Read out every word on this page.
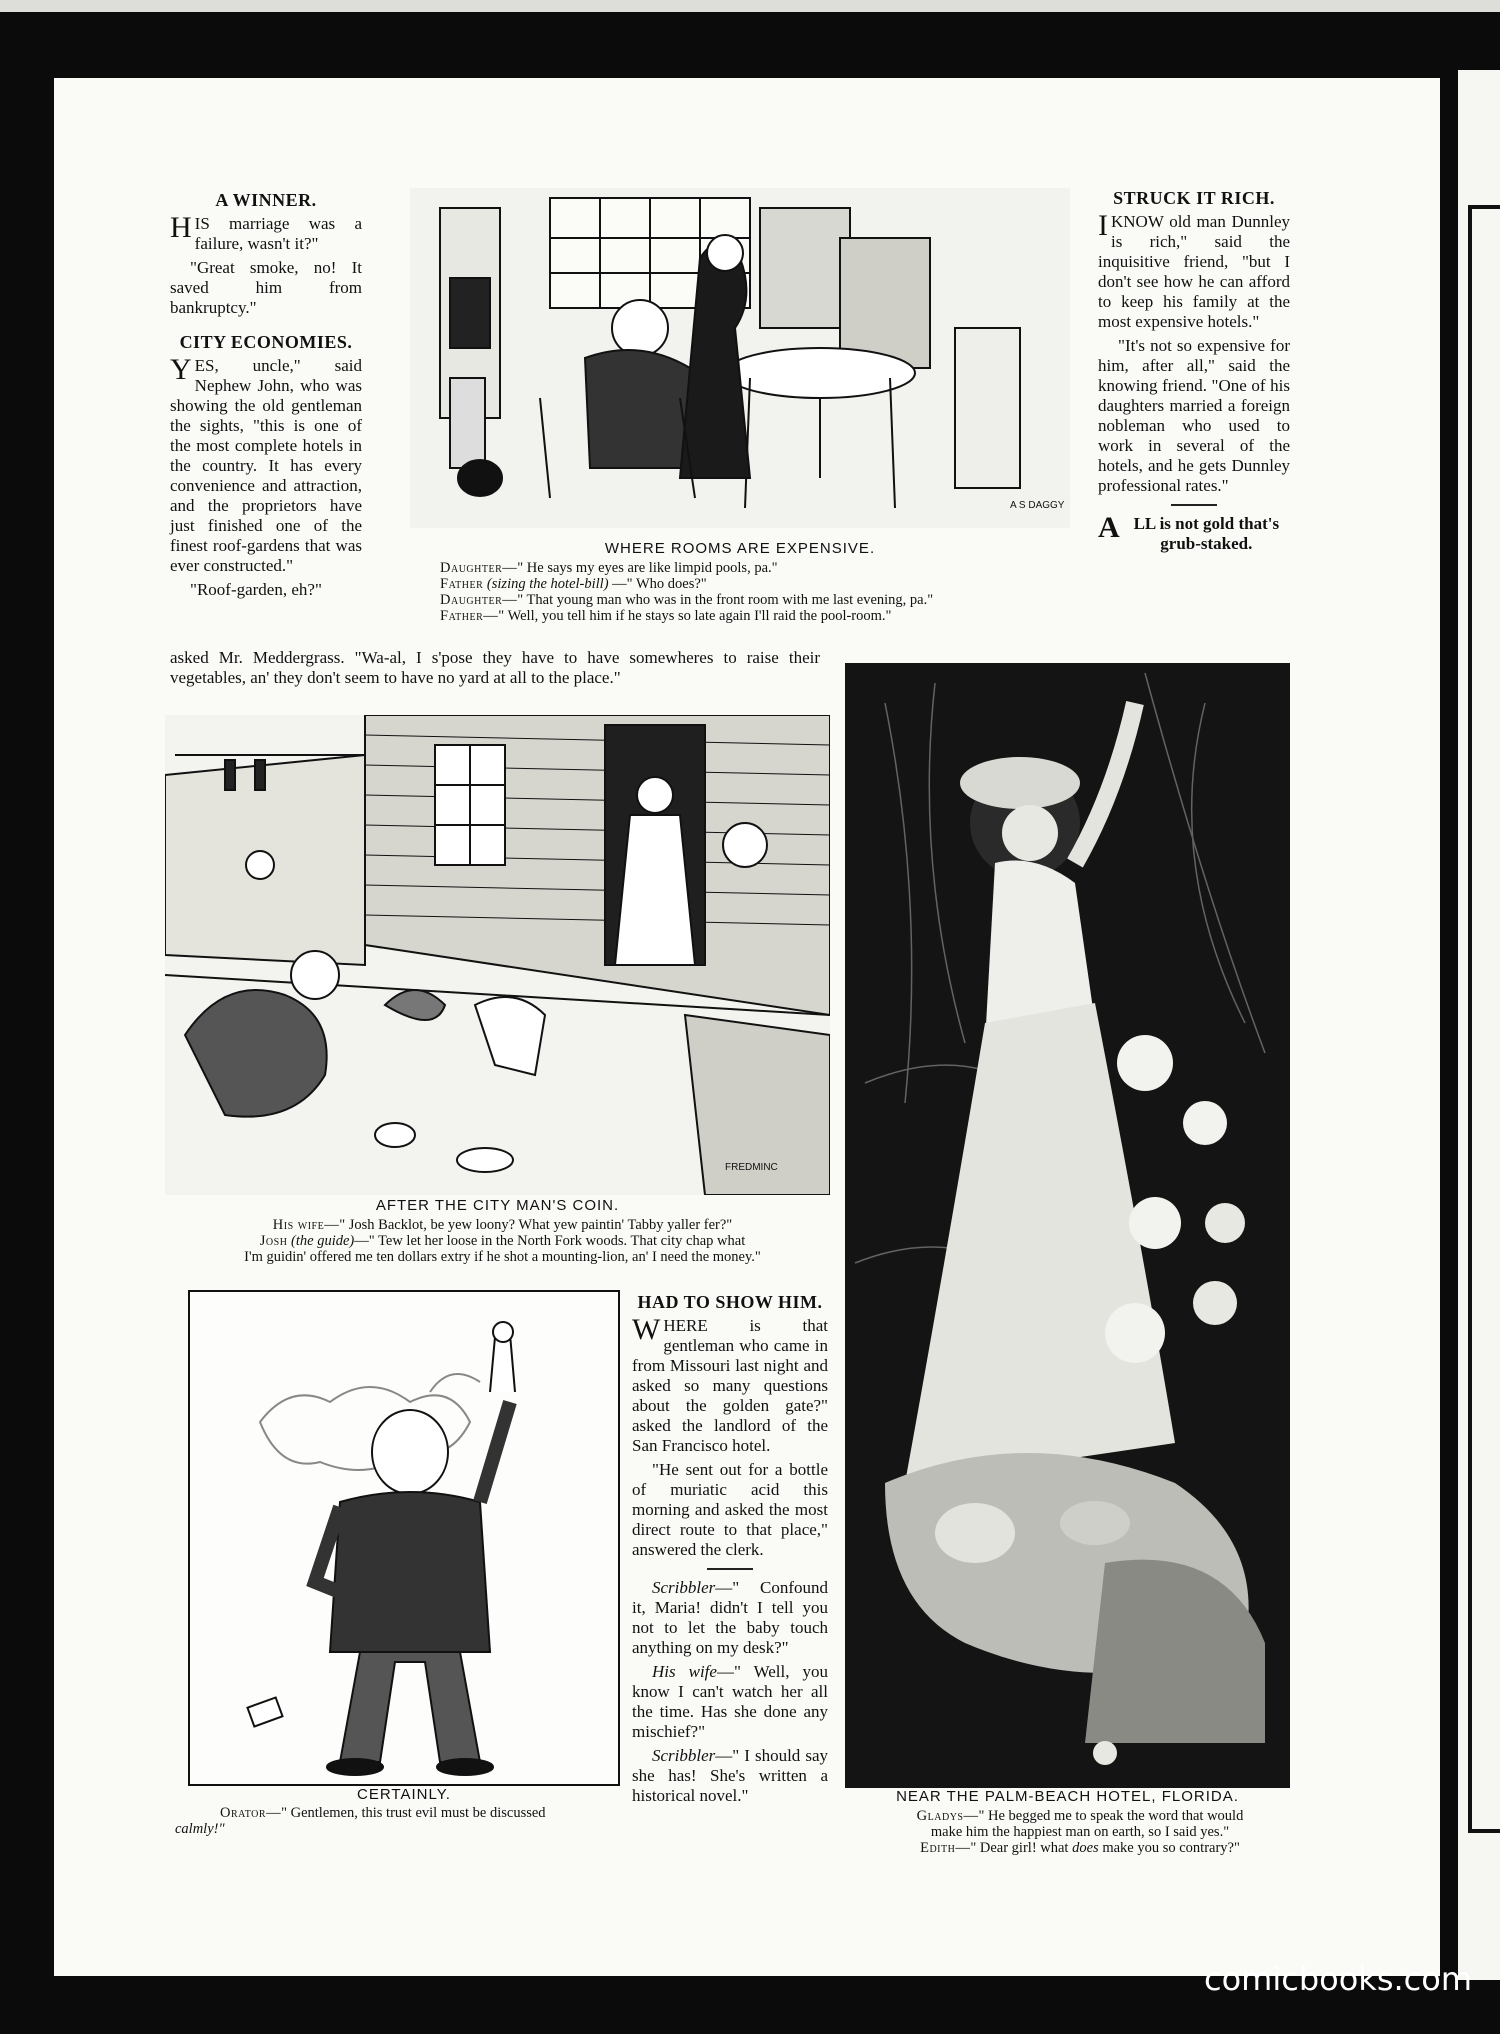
A WINNER.
HIS marriage was a failure, wasn't it?"
"Great smoke, no! It saved him from bankruptcy."
CITY ECONOMIES.
YES, uncle," said Nephew John, who was showing the old gentleman the sights, "this is one of the most complete hotels in the country. It has every convenience and attraction, and the proprietors have just finished one of the finest roof-gardens that was ever constructed."
"Roof-garden, eh?"
asked Mr. Meddergrass. "Wa-al, I s'pose they have to have somewheres to raise their vegetables, an' they don't seem to have no yard at all to the place."
A S DAGGY
WHERE ROOMS ARE EXPENSIVE.
Daughter—" He says my eyes are like limpid pools, pa."
Father (sizing the hotel-bill) —" Who does?"
Daughter—" That young man who was in the front room with me last evening, pa."
Father—" Well, you tell him if he stays so late again I'll raid the pool-room."
STRUCK IT RICH.
IKNOW old man Dunnley is rich," said the inquisitive friend, "but I don't see how he can afford to keep his family at the most expensive hotels."
"It's not so expensive for him, after all," said the knowing friend. "One of his daughters married a foreign nobleman who used to work in several of the hotels, and he gets Dunnley professional rates."
ALL is not gold that's grub-staked.
FREDMINC
AFTER THE CITY MAN'S COIN.
His wife—" Josh Backlot, be yew loony? What yew paintin' Tabby yaller fer?"
Josh (the guide)—" Tew let her loose in the North Fork woods. That city chap what
I'm guidin' offered me ten dollars extry if he shot a mounting-lion, an' I need the money."
NEAR THE PALM-BEACH HOTEL, FLORIDA.
Gladys—" He begged me to speak the word that would
make him the happiest man on earth, so I said yes."
Edith—" Dear girl! what does make you so contrary?"
CERTAINLY.
Orator—" Gentlemen, this trust evil must be discussed
calmly!"
HAD TO SHOW HIM.
WHERE is that gentleman who came in from Missouri last night and asked so many questions about the golden gate?" asked the landlord of the San Francisco hotel.
"He sent out for a bottle of muriatic acid this morning and asked the most direct route to that place," answered the clerk.
Scribbler—" Confound it, Maria! didn't I tell you not to let the baby touch anything on my desk?"
His wife—" Well, you know I can't watch her all the time. Has she done any mischief?"
Scribbler—" I should say she has! She's written a historical novel."
comicbooks.com
